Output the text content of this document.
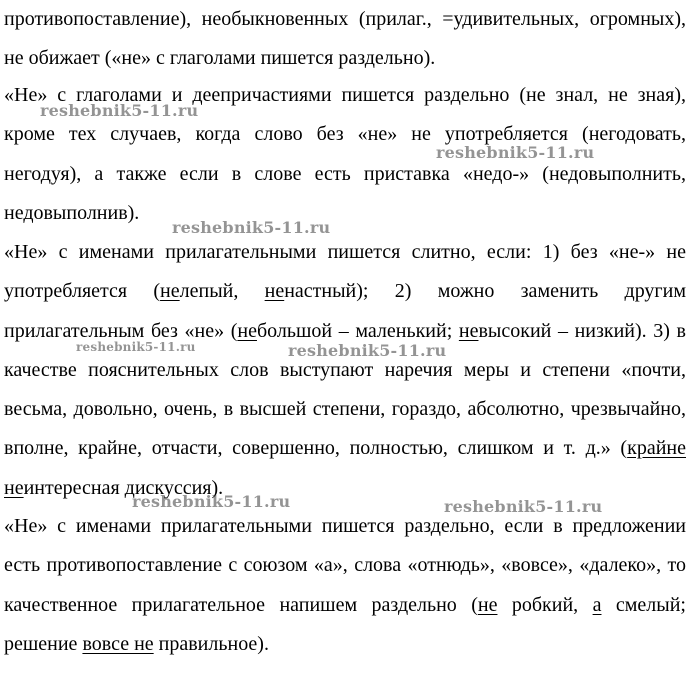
противопоставление), необыкновенных (прилаг., =удивительных, огромных), не обижает («не» с глаголами пишется раздельно).

«Не» с глаголами и деепричастиями пишется раздельно (не знал, не зная), кроме тех случаев, когда слово без «не» не употребляется (негодовать, негодуя), а также если в слове есть приставка «недо-» (недовыполнить, недовыполнив).

«Не» с именами прилагательными пишется слитно, если: 1) без «не-» не употребляется (нелепый, ненастный); 2) можно заменить другим прилагательным без «не» (небольшой – маленький; невысокий – низкий). 3) в качестве пояснительных слов выступают наречия меры и степени «почти, весьма, довольно, очень, в высшей степени, гораздо, абсолютно, чрезвычайно, вполне, крайне, отчасти, совершенно, полностью, слишком и т. д.» (крайне неинтересная дискуссия).

«Не» с именами прилагательными пишется раздельно, если в предложении есть противопоставление с союзом «а», слова «отнюдь», «вовсе», «далеко», то качественное прилагательное напишем раздельно (не робкий, а смелый; решение вовсе не правильное).

reshebnik5-11.ru
reshebnik5-11.ru
reshebnik5-11.ru
reshebnik5-11.ru	reshebnik5-11.ru
reshebnik5-11.ru	reshebnik5-11.ru
